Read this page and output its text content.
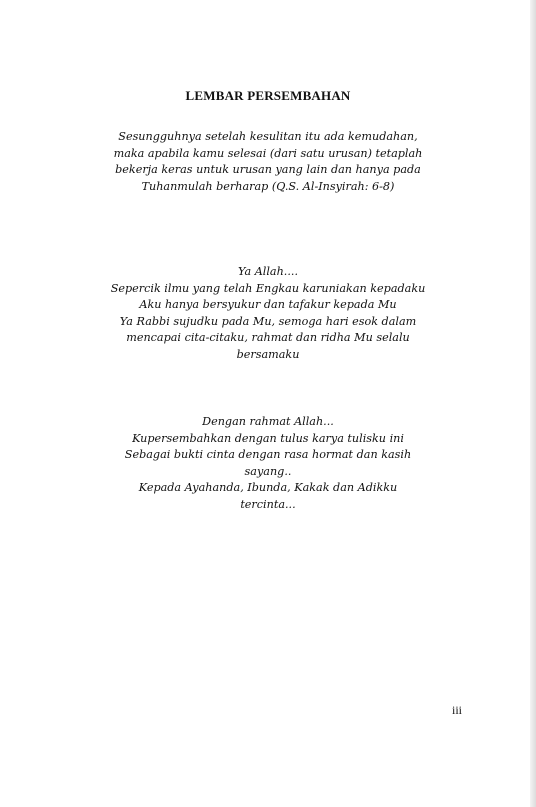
LEMBAR PERSEMBAHAN
Sesungguhnya setelah kesulitan itu ada kemudahan,
maka apabila kamu selesai (dari satu urusan) tetaplah
bekerja keras untuk urusan yang lain dan hanya pada
Tuhanmulah berharap (Q.S. Al-Insyirah: 6-8)
Ya Allah....
Sepercik ilmu yang telah Engkau karuniakan kepadaku
Aku hanya bersyukur dan tafakur kepada Mu
Ya Rabbi sujudku pada Mu, semoga hari esok dalam
mencapai cita-citaku, rahmat dan ridha Mu selalu
bersamaku
Dengan rahmat Allah...
Kupersembahkan dengan tulus karya tulisku ini
Sebagai bukti cinta dengan rasa hormat dan kasih
sayang..
Kepada Ayahanda, Ibunda, Kakak dan Adikku
tercinta...
iii
